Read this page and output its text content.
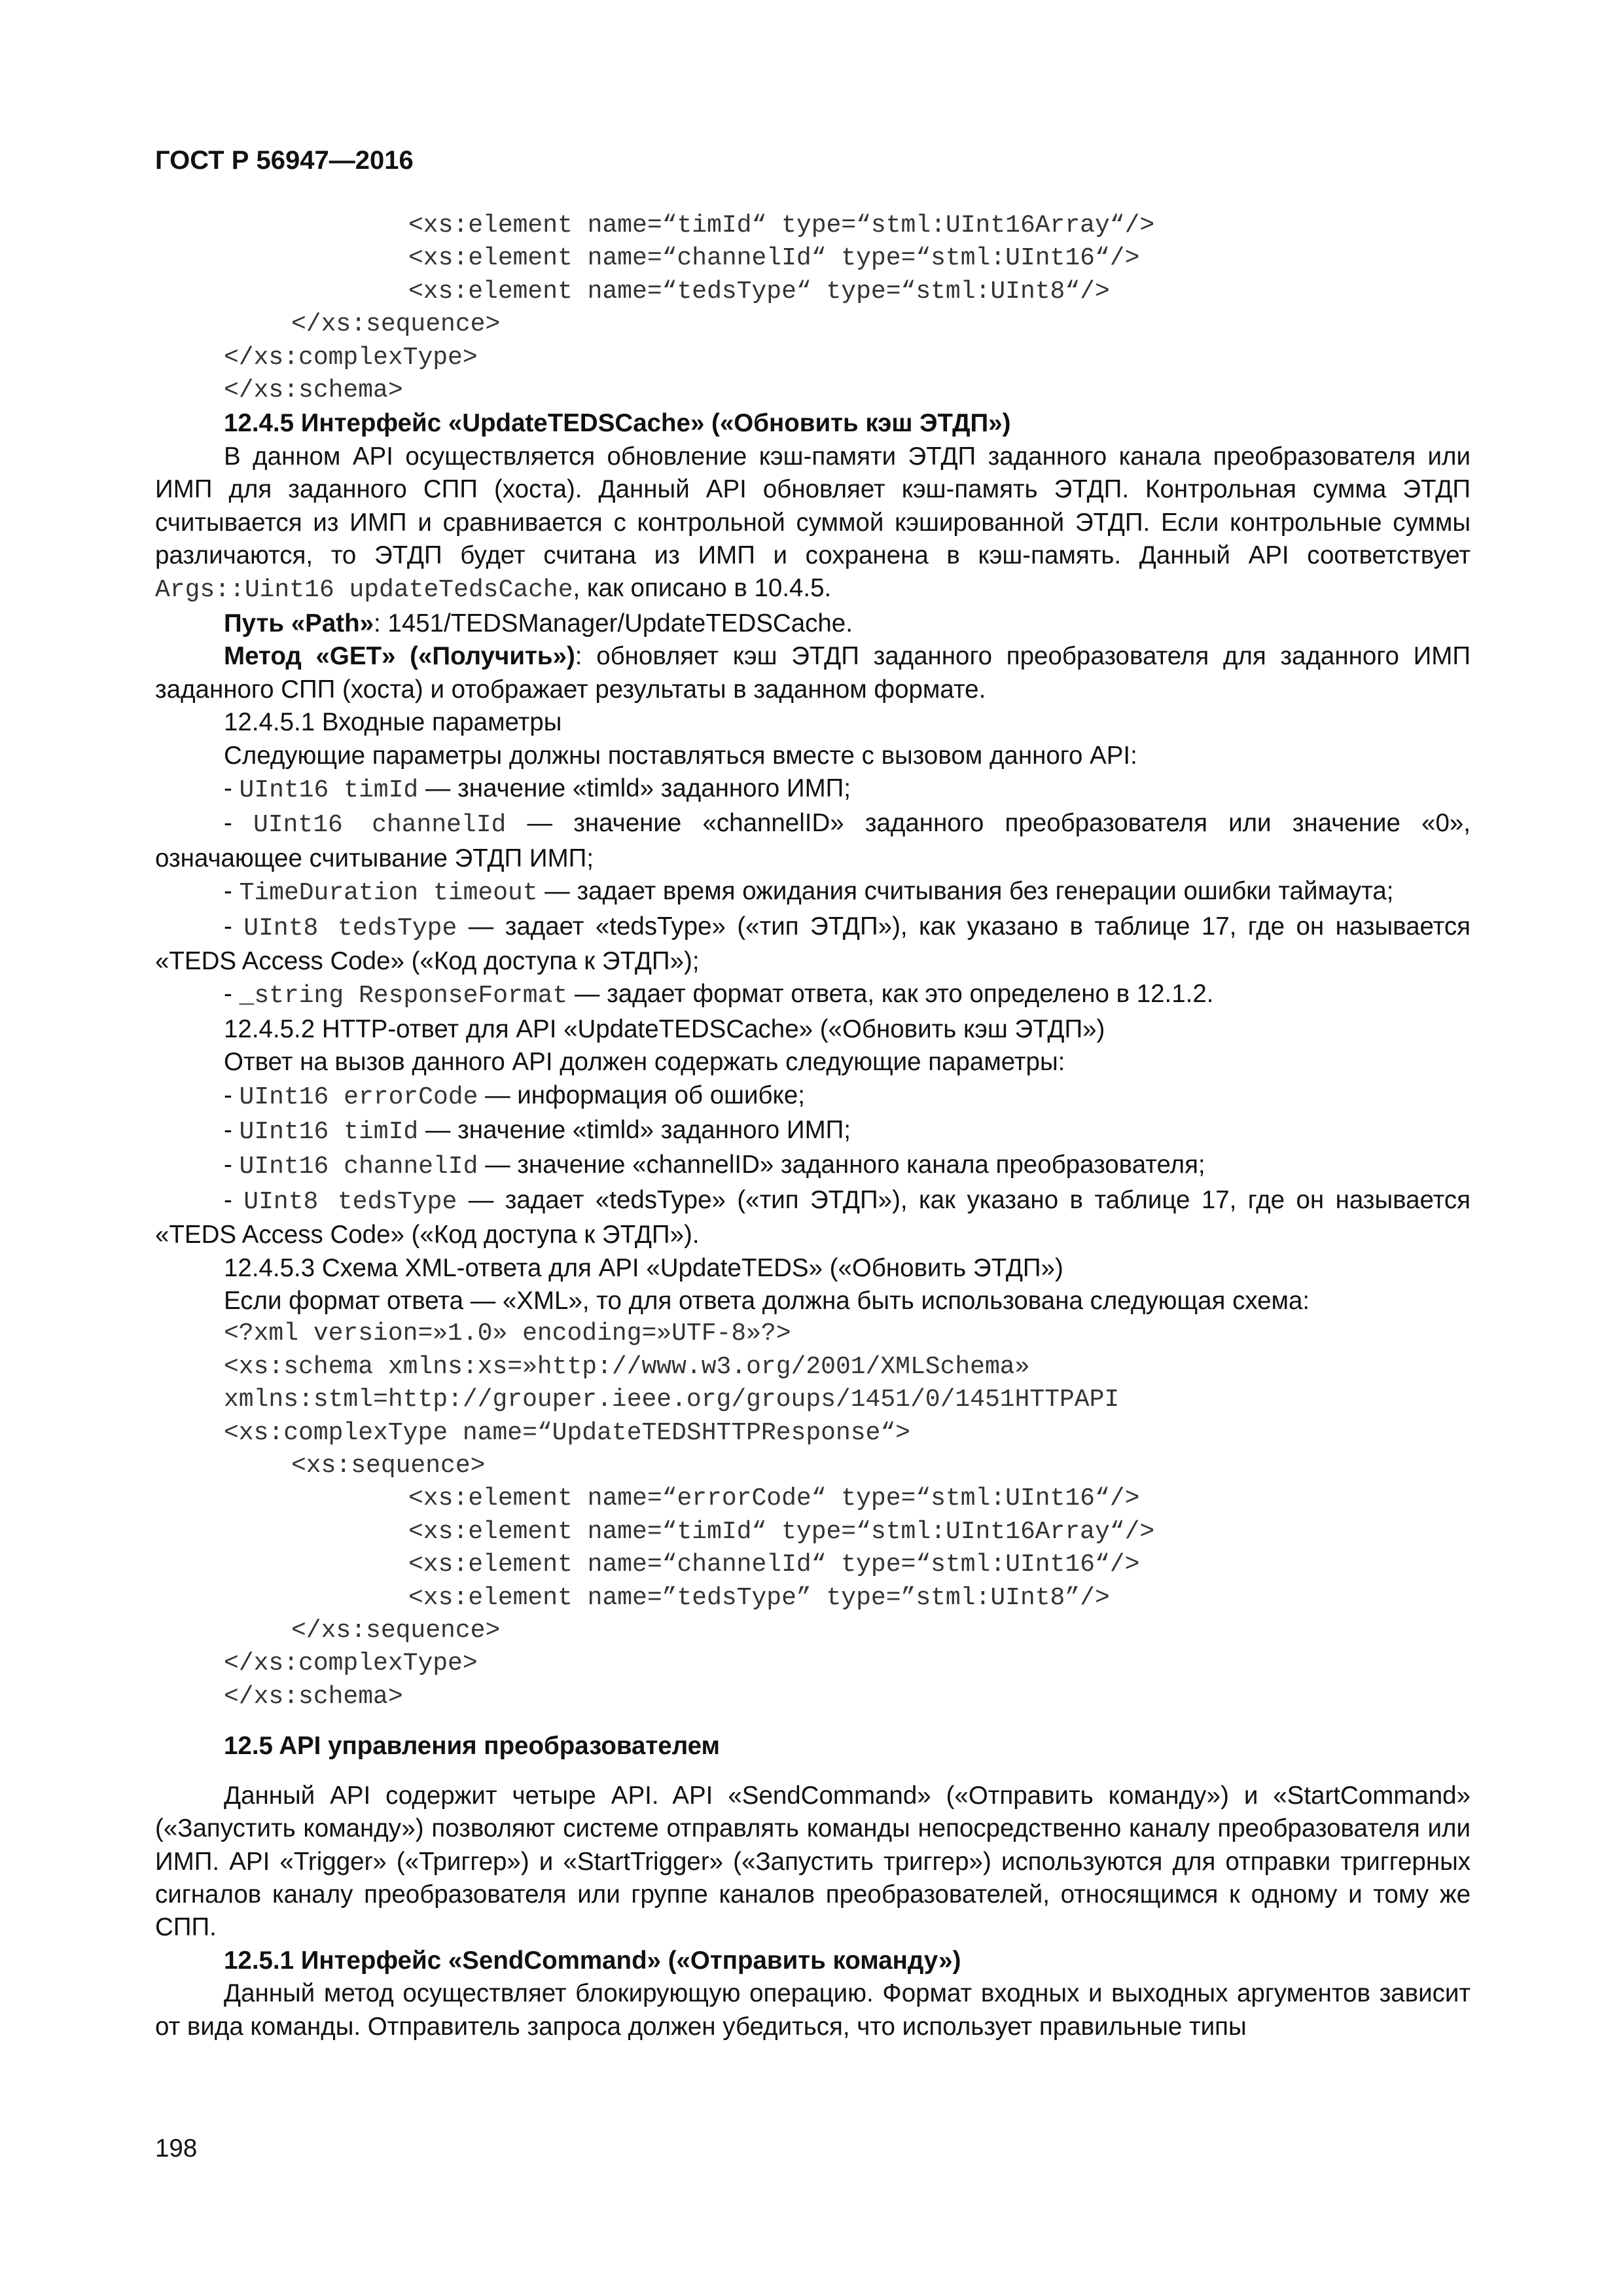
ГОСТ Р 56947—2016
<xs:element name=“timId“ type=“stml:UInt16Array“/>
<xs:element name=“channelId“ type=“stml:UInt16“/>
<xs:element name=“tedsType“ type=“stml:UInt8“/>
</xs:sequence>
</xs:complexType>
</xs:schema>
12.4.5 Интерфейс «UpdateTEDSCache» («Обновить кэш ЭТДП»)

В данном API осуществляется обновление кэш-памяти ЭТДП заданного канала преобразователя или ИМП для заданного СПП (хоста). Данный API обновляет кэш-память ЭТДП. Контрольная сумма ЭТДП считывается из ИМП и сравнивается с контрольной суммой кэшированной ЭТДП. Если контрольные суммы различаются, то ЭТДП будет считана из ИМП и сохранена в кэш-память. Данный API соответствует Args::Uint16 updateTedsCache, как описано в 10.4.5.

Путь «Path»: 1451/TEDSManager/UpdateTEDSCache.

Метод «GET» («Получить»): обновляет кэш ЭТДП заданного преобразователя для заданного ИМП заданного СПП (хоста) и отображает результаты в заданном формате.

12.4.5.1 Входные параметры

Следующие параметры должны поставляться вместе с вызовом данного API:

- UInt16 timId — значение «timld» заданного ИМП;

- UInt16 channelId — значение «channelID» заданного преобразователя или значение «0», означающее считывание ЭТДП ИМП;

- TimeDuration timeout — задает время ожидания считывания без генерации ошибки таймаута;

- UInt8 tedsType — задает «tedsType» («тип ЭТДП»), как указано в таблице 17, где он называется «TEDS Access Code» («Код доступа к ЭТДП»);

- _string ResponseFormat — задает формат ответа, как это определено в 12.1.2.

12.4.5.2 HTTP-ответ для API «UpdateTEDSCache» («Обновить кэш ЭТДП»)

Ответ на вызов данного API должен содержать следующие параметры:

- UInt16 errorCode — информация об ошибке;

- UInt16 timId — значение «timld» заданного ИМП;

- UInt16 channelId — значение «channelID» заданного канала преобразователя;

- UInt8 tedsType — задает «tedsType» («тип ЭТДП»), как указано в таблице 17, где он называется «TEDS Access Code» («Код доступа к ЭТДП»).

12.4.5.3 Схема XML-ответа для API «UpdateTEDS» («Обновить ЭТДП»)

Если формат ответа — «XML», то для ответа должна быть использована следующая схема:

<?xml version=»1.0» encoding=»UTF-8»?>
<xs:schema xmlns:xs=»http://www.w3.org/2001/XMLSchema»
xmlns:stml=http://grouper.ieee.org/groups/1451/0/1451HTTPAPI
<xs:complexType name=“UpdateTEDSHTTPResponse“>
<xs:sequence>
<xs:element name=“errorCode“ type=“stml:UInt16“/>
<xs:element name=“timId“ type=“stml:UInt16Array“/>
<xs:element name=“channelId“ type=“stml:UInt16“/>
<xs:element name=”tedsType” type=”stml:UInt8”/>
</xs:sequence>
</xs:complexType>
</xs:schema>
12.5 API управления преобразователем

Данный API содержит четыре API. API «SendCommand» («Отправить команду») и «StartCommand» («Запустить команду») позволяют системе отправлять команды непосредственно каналу преобразователя или ИМП. API «Trigger» («Триггер») и «StartTrigger» («Запустить триггер») используются для отправки триггерных сигналов каналу преобразователя или группе каналов преобразователей, относящимся к одному и тому же СПП.

12.5.1 Интерфейс «SendCommand» («Отправить команду»)

Данный метод осуществляет блокирующую операцию. Формат входных и выходных аргументов зависит от вида команды. Отправитель запроса должен убедиться, что использует правильные типы

198
